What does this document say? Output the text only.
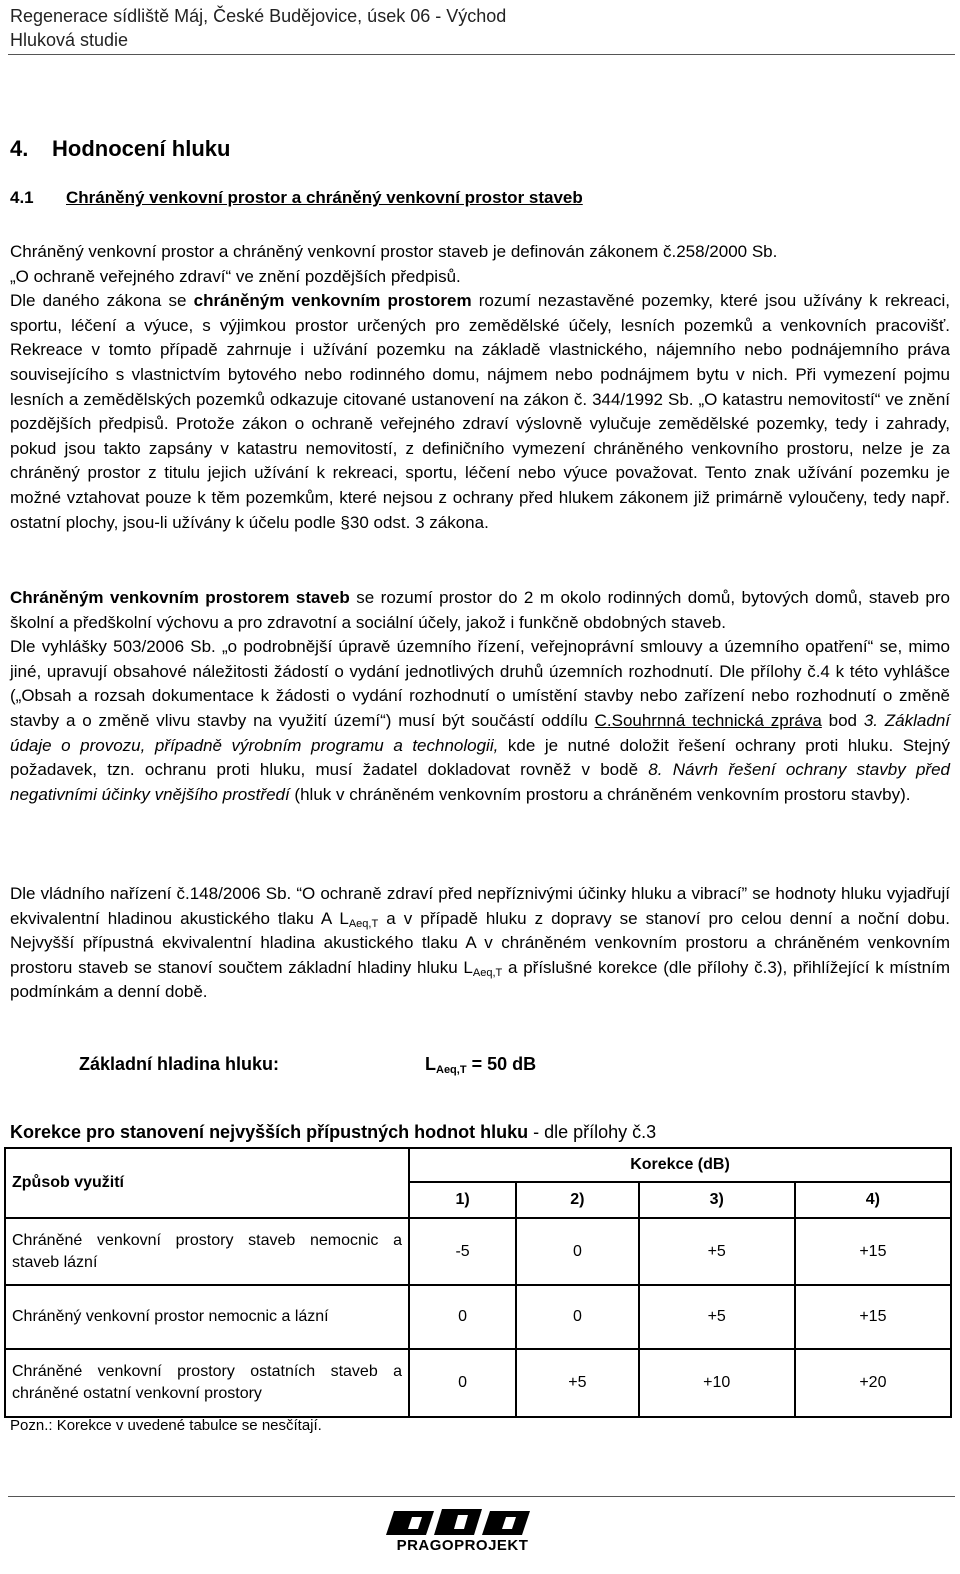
Regenerace sídliště Máj, České Budějovice, úsek 06 - Východ
Hluková studie
4. Hodnocení hluku
4.1 Chráněný venkovní prostor a chráněný venkovní prostor staveb
Chráněný venkovní prostor a chráněný venkovní prostor staveb je definován zákonem č.258/2000 Sb.
„O ochraně veřejného zdraví“ ve znění pozdějších předpisů.

Dle daného zákona se chráněným venkovním prostorem rozumí nezastavěné pozemky, které jsou užívány k rekreaci, sportu, léčení a výuce, s výjimkou prostor určených pro zemědělské účely, lesních pozemků a venkovních pracovišť. Rekreace v tomto případě zahrnuje i užívání pozemku na základě vlastnického, nájemního nebo podnájemního práva souvisejícího s vlastnictvím bytového nebo rodinného domu, nájmem nebo podnájmem bytu v nich. Při vymezení pojmu lesních a zemědělských pozemků odkazuje citované ustanovení na zákon č. 344/1992 Sb. „O katastru nemovitostí“ ve znění pozdějších předpisů. Protože zákon o ochraně veřejného zdraví výslovně vylučuje zemědělské pozemky, tedy i zahrady, pokud jsou takto zapsány v katastru nemovitostí, z definičního vymezení chráněného venkovního prostoru, nelze je za chráněný prostor z titulu jejich užívání k rekreaci, sportu, léčení nebo výuce považovat. Tento znak užívání pozemku je možné vztahovat pouze k těm pozemkům, které nejsou z ochrany před hlukem zákonem již primárně vyloučeny, tedy např. ostatní plochy, jsou-li užívány k účelu podle §30 odst. 3 zákona.

Chráněným venkovním prostorem staveb se rozumí prostor do 2 m okolo rodinných domů, bytových domů, staveb pro školní a předškolní výchovu a pro zdravotní a sociální účely, jakož i funkčně obdobných staveb.

Dle vyhlášky 503/2006 Sb. „o podrobnější úpravě územního řízení, veřejnoprávní smlouvy a územního opatření“ se, mimo jiné, upravují obsahové náležitosti žádostí o vydání jednotlivých druhů územních rozhodnutí. Dle přílohy č.4 k této vyhlášce („Obsah a rozsah dokumentace k žádosti o vydání rozhodnutí o umístění stavby nebo zařízení nebo rozhodnutí o změně stavby a o změně vlivu stavby na využití území“) musí být součástí oddílu C.Souhrnná technická zpráva bod 3. Základní údaje o provozu, případně výrobním programu a technologii, kde je nutné doložit řešení ochrany proti hluku. Stejný požadavek, tzn. ochranu proti hluku, musí žadatel dokladovat rovněž v bodě 8. Návrh řešení ochrany stavby před negativními účinky vnějšího prostředí (hluk v chráněném venkovním prostoru a chráněném venkovním prostoru stavby).

Dle vládního nařízení č.148/2006 Sb. “O ochraně zdraví před nepříznivými účinky hluku a vibrací” se hodnoty hluku vyjadřují ekvivalentní hladinou akustického tlaku A $L_{Aeq,T}$ a v případě hluku z dopravy se stanoví pro celou denní a noční dobu. Nejvyšší přípustná ekvivalentní hladina akustického tlaku A v chráněném venkovním prostoru a chráněném venkovním prostoru staveb se stanoví součtem základní hladiny hluku $L_{Aeq,T}$ a příslušné korekce (dle přílohy č.3), přihlížející k místním podmínkám a denní době.

Základní hladina hluku:	$L_{Aeq,T} = 50$ dB
Korekce pro stanovení nejvyšších přípustných hodnot hluku - dle přílohy č.3
Způsob využití	Korekce (dB)			
	1)	2)	3)	4)
Chráněné venkovní prostory staveb nemocnic a staveb lázní	-5	0	+5	+15
Chráněný venkovní prostor nemocnic a lázní	0	0	+5	+15
Chráněné venkovní prostory ostatních staveb a chráněné ostatní venkovní prostory	0	+5	+10	+20
Pozn.: Korekce v uvedené tabulce se nesčítají.
PRAGOPROJEKT
